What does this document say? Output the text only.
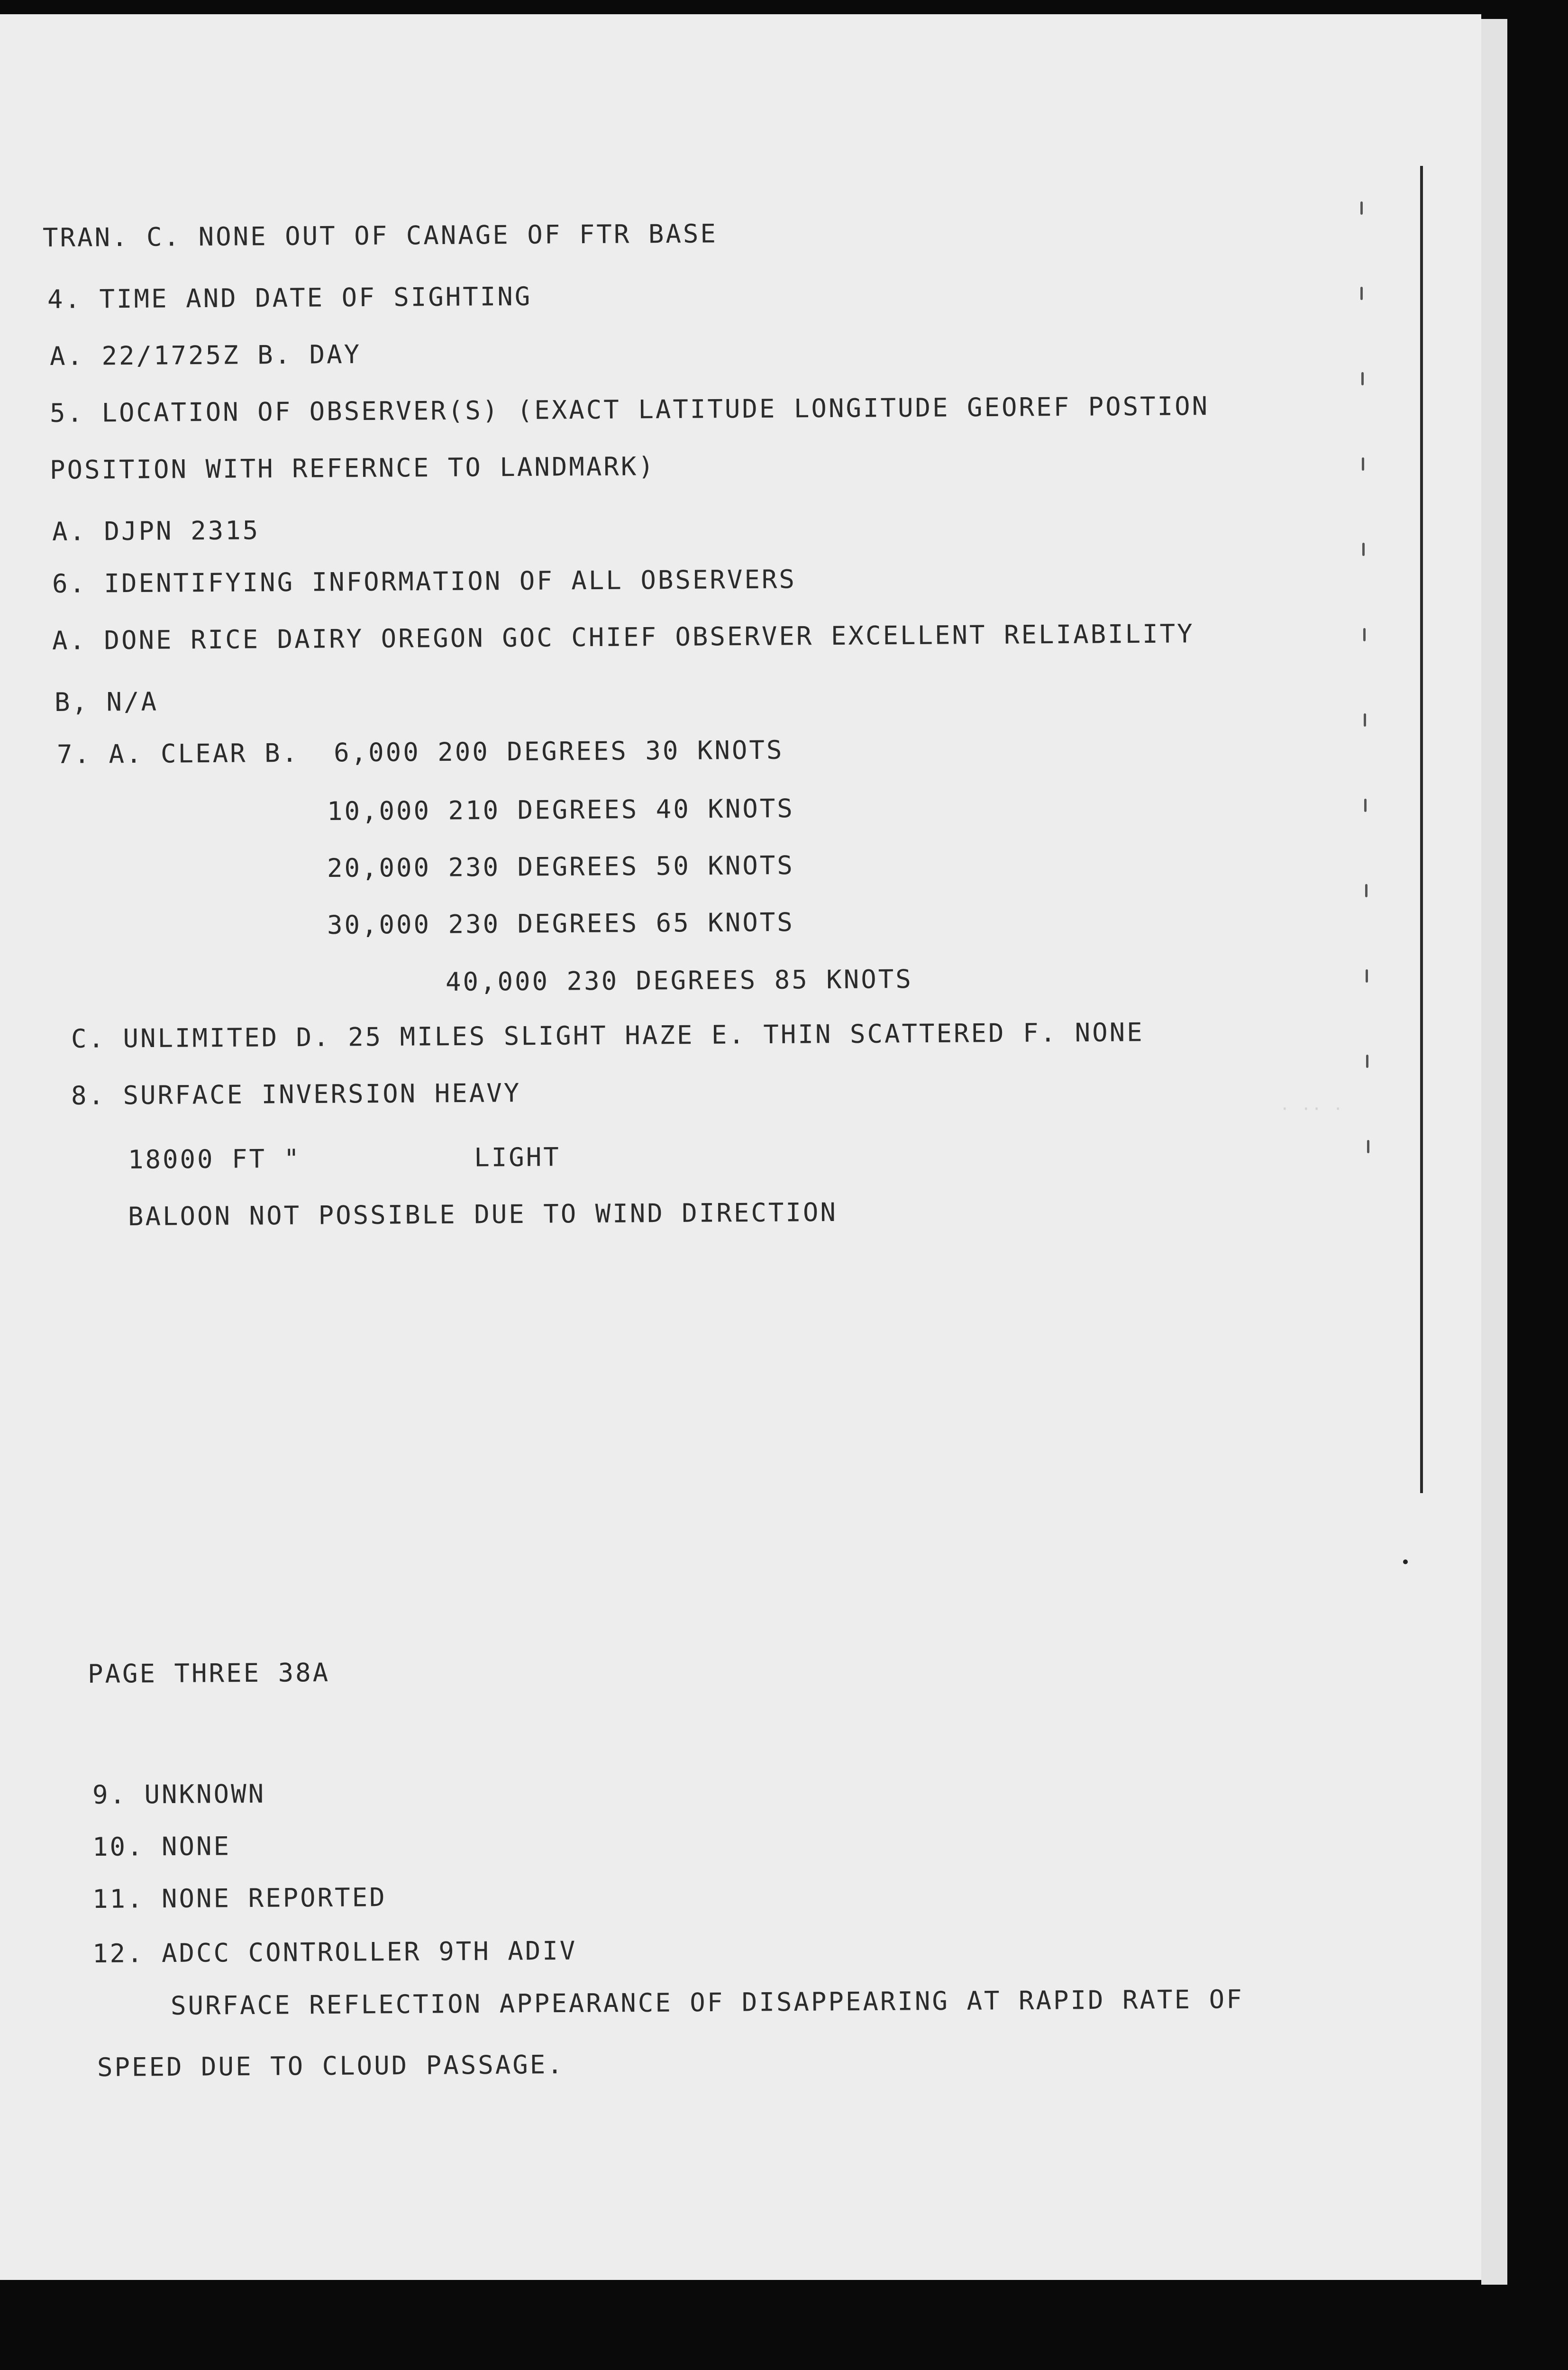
· ·· ·
TRAN. C. NONE OUT OF CANAGE OF FTR BASE
4. TIME AND DATE OF SIGHTING
A. 22/1725Z B. DAY
5. LOCATION OF OBSERVER(S) (EXACT LATITUDE LONGITUDE GEOREF POSTION
POSITION WITH REFERNCE TO LANDMARK)
A. DJPN 2315
6. IDENTIFYING INFORMATION OF ALL OBSERVERS
A. DONE RICE DAIRY OREGON GOC CHIEF OBSERVER EXCELLENT RELIABILITY
B, N/A
7. A. CLEAR B.  6,000 200 DEGREES 30 KNOTS
10,000 210 DEGREES 40 KNOTS
20,000 230 DEGREES 50 KNOTS
30,000 230 DEGREES 65 KNOTS
40,000 230 DEGREES 85 KNOTS
C. UNLIMITED D. 25 MILES SLIGHT HAZE E. THIN SCATTERED F. NONE
8. SURFACE INVERSION HEAVY
18000 FT "          LIGHT
BALOON NOT POSSIBLE DUE TO WIND DIRECTION
PAGE THREE 38A
9. UNKNOWN
10. NONE
11. NONE REPORTED
12. ADCC CONTROLLER 9TH ADIV
SURFACE REFLECTION APPEARANCE OF DISAPPEARING AT RAPID RATE OF
SPEED DUE TO CLOUD PASSAGE.
